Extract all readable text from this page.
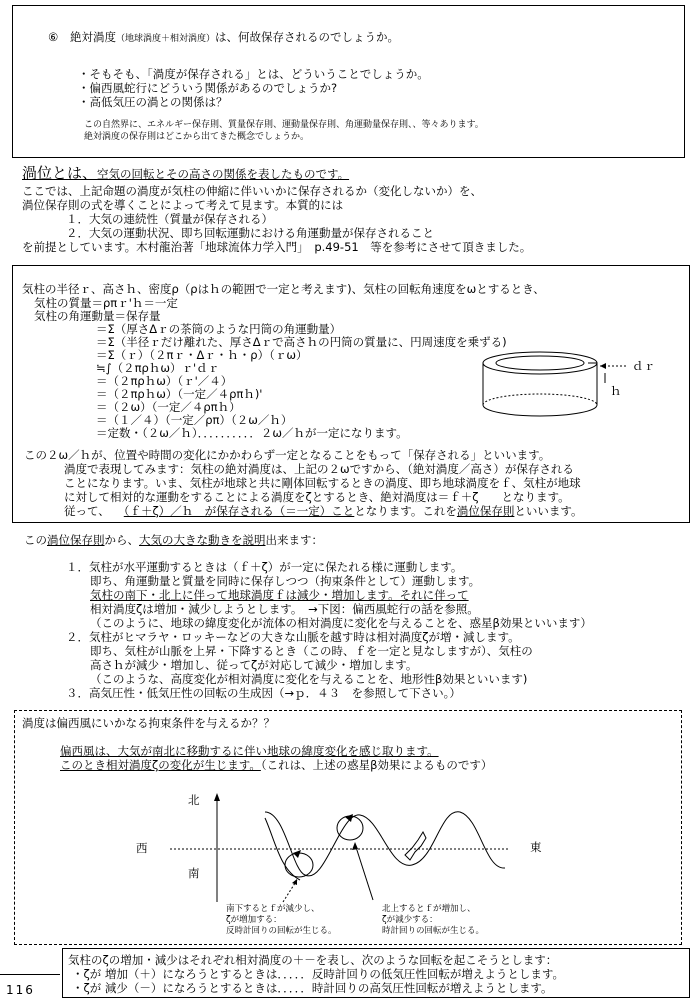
⑥ 絶対渦度（地球渦度＋相対渦度）は、何故保存されるのでしょうか。
・そもそも、「渦度が保存される」とは、どういうことでしょうか。
・偏西風蛇行にどういう関係があるのでしょうか?
・高低気圧の渦との関係は？
この自然界に、エネルギー保存則、質量保存則、運動量保存則、角運動量保存則、、等々あります。
絶対渦度の保存則はどこから出てきた概念でしょうか。
渦位とは、空気の回転とその高さの関係を表したものです。
ここでは、上記命題の渦度が気柱の伸縮に伴いいかに保存されるか（変化しないか）を、
渦位保存則の式を導くことによって考えて見ます。本質的には
１．大気の連続性（質量が保存される）
２．大気の運動状況、即ち回転運動における角運動量が保存されること
を前提としています。木村龍治著「地球流体力学入門」　p.49-51　等を参考にさせて頂きました。
気柱の半径ｒ、高さｈ、密度ρ（ρはｈの範囲で一定と考えます)、気柱の回転角速度をωとするとき、
気柱の質量＝ρπｒ'ｈ＝一定
気柱の角運動量＝保存量
＝Σ（厚さΔｒの茶筒のような円筒の角運動量）
＝Σ（半径ｒだけ離れた、厚さΔｒで高さｈの円筒の質量に、円周速度を乗ずる)
＝Σ（ｒ）（２πｒ・Δｒ・ｈ・ρ）（ｒω）
≒∫（２πρｈω）ｒ'ｄｒ
＝（２πρｈω）（ｒ'／４）
＝（２πρｈω）（一定／４ρπｈ)'
＝（２ω）（一定／４ρπｈ）
＝（１／４）（一定／ρπ）（２ω／ｈ）
＝定数・（２ω／ｈ）．．．．．．．．．．２ω／ｈが一定になります。
ｄｒ
ｈ
この２ω／ｈが、位置や時間の変化にかかわらず一定となることをもって「保存される」といいます。
渦度で表現してみます：気柱の絶対渦度は、上記の２ωですから、（絶対渦度／高さ）が保存される
ことになります。いま、気柱が地球と共に剛体回転するときの渦度、即ち地球渦度をｆ、気柱が地球
に対して相対的な運動をすることによる渦度をζとするとき、絶対渦度は＝ｆ＋ζ　　となります。
従って、 （ｆ＋ζ）／ｈ　が保存される（＝一定）こととなります。これを渦位保存則といいます。
この渦位保存則から、大気の大きな動きを説明出来ます：
１．気柱が水平運動するときは（ｆ＋ζ）が一定に保たれる様に運動します。
即ち、角運動量と質量を同時に保存しつつ（拘束条件として）運動します。
気柱の南下・北上に伴って地球渦度ｆは減少・増加します。それに伴って
相対渦度ζは増加・減少しようとします。　→下図：偏西風蛇行の話を参照。
（このように、地球の緯度変化が流体の相対渦度に変化を与えることを、惑星β効果といいます）
２．気柱がヒマラヤ・ロッキーなどの大きな山脈を越す時は相対渦度ζが増・減します。
即ち、気柱が山脈を上昇・下降するとき（この時、ｆを一定と見なしますが）、気柱の
高さｈが減少・増加し、従ってζが対応して減少・増加します。
（このような、高度変化が相対渦度に変化を与えることを、地形性β効果といいます)
３．高気圧性・低気圧性の回転の生成因（→ｐ．４３　を参照して下さい。）
渦度は偏西風にいかなる拘束条件を与えるか？？
偏西風は、大気が南北に移動するに伴い地球の緯度変化を感じ取ります。
このとき相対渦度ζの変化が生じます。（これは、上述の惑星β効果によるものです）
北
西
南
東
南下するとｆが減少し、
ζが増加する：
反時計回りの回転が生じる。
北上するとｆが増加し、
ζが減少する：
時計回りの回転が生じる。
気柱のζの増加・減少はそれぞれ相対渦度の＋－を表し、次のような回転を起こそうとします：
・ζが 増加（＋）になろうとするときは．．．．．反時計回りの低気圧性回転が増えようとします。
・ζが 減少（－）になろうとするときは．．．．．時計回りの高気圧性回転が増えようとします。
116
